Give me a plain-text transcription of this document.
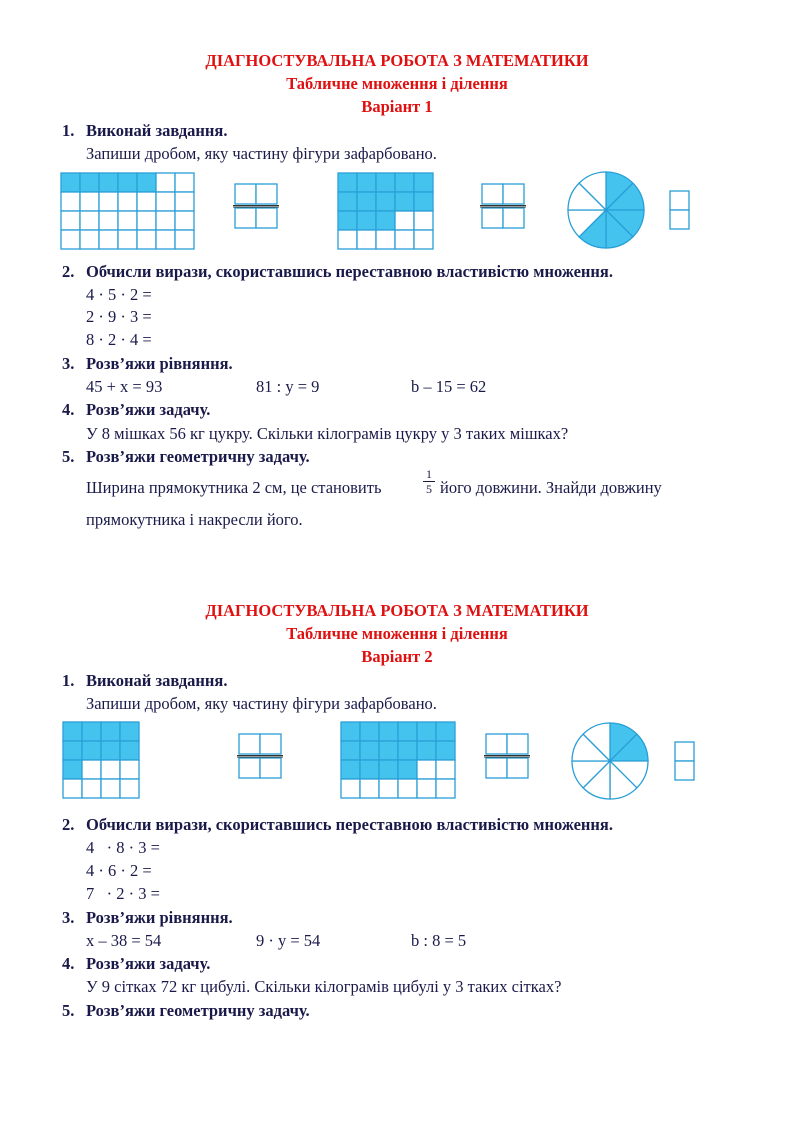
ДІАГНОСТУВАЛЬНА РОБОТА З МАТЕМАТИКИ
Табличне множення і ділення
Варіант 1
1. Виконай завдання.
Запиши дробом, яку частину фігури зафарбовано.
2. Обчисли вирази, скориставшись переставною властивістю множення.
4 · 5 · 2 =
2 · 9 · 3 =
8 · 2 · 4 =
3. Розв’яжи рівняння.
45 + x = 93	81 : y = 9	b – 15 = 62
4. Розв’яжи задачу.
У 8 мішках 56 кг цукру. Скільки кілограмів цукру у 3 таких мішках?
5. Розв’яжи геометричну задачу.
Ширина прямокутника 2 см, це становить	$\frac{1}{5}$ його довжини. Знайди довжину
прямокутника і накресли його.
ДІАГНОСТУВАЛЬНА РОБОТА З МАТЕМАТИКИ
Табличне множення і ділення
Варіант 2
1. Виконай завдання.
Запиши дробом, яку частину фігури зафарбовано.
2. Обчисли вирази, скориставшись переставною властивістю множення.
4   · 8 · 3 =
4 · 6 · 2 =
7   · 2 · 3 =
3. Розв’яжи рівняння.
x – 38 = 54	9 · y = 54	b : 8 = 5
4. Розв’яжи задачу.
У 9 сітках 72 кг цибулі. Скільки кілограмів цибулі у 3 таких сітках?
5. Розв’яжи геометричну задачу.
